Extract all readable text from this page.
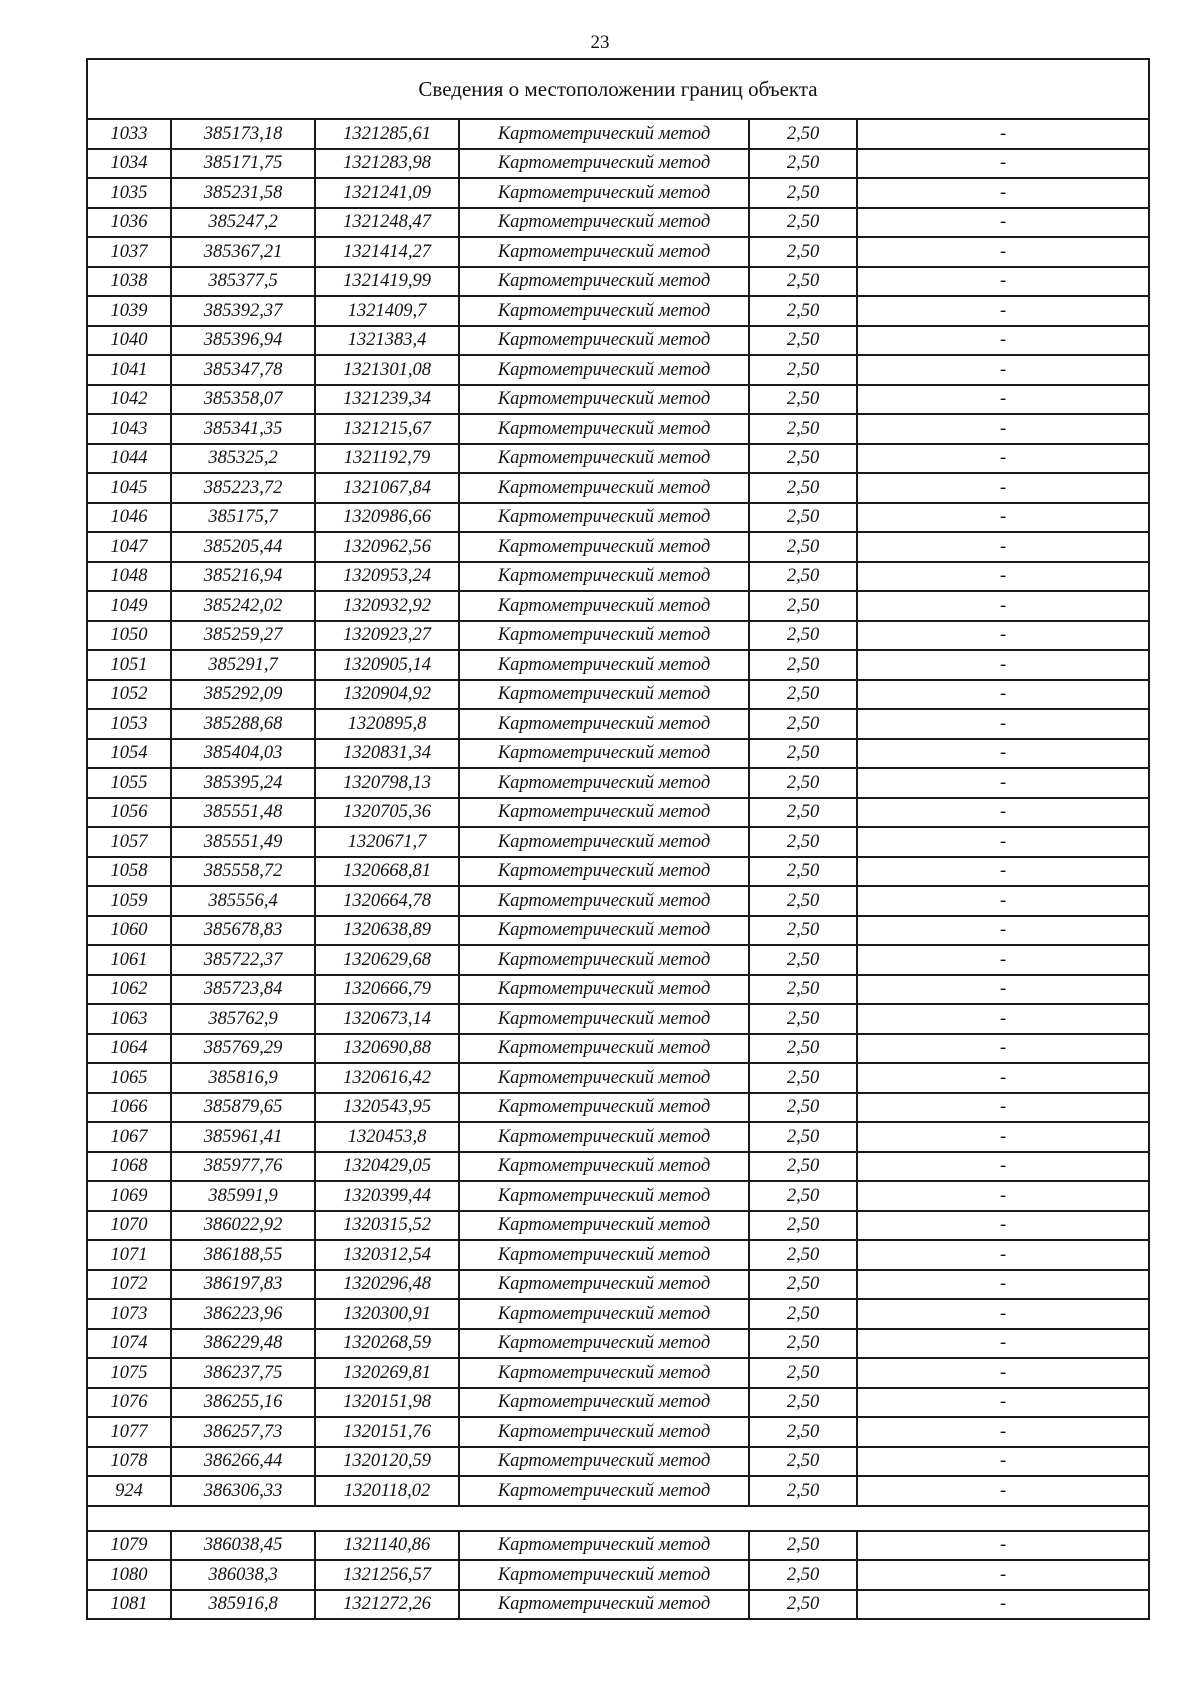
23
Сведения о местоположении границ объекта					
1033	385173,18	1321285,61	Картометрический метод	2,50	-
1034	385171,75	1321283,98	Картометрический метод	2,50	-
1035	385231,58	1321241,09	Картометрический метод	2,50	-
1036	385247,2	1321248,47	Картометрический метод	2,50	-
1037	385367,21	1321414,27	Картометрический метод	2,50	-
1038	385377,5	1321419,99	Картометрический метод	2,50	-
1039	385392,37	1321409,7	Картометрический метод	2,50	-
1040	385396,94	1321383,4	Картометрический метод	2,50	-
1041	385347,78	1321301,08	Картометрический метод	2,50	-
1042	385358,07	1321239,34	Картометрический метод	2,50	-
1043	385341,35	1321215,67	Картометрический метод	2,50	-
1044	385325,2	1321192,79	Картометрический метод	2,50	-
1045	385223,72	1321067,84	Картометрический метод	2,50	-
1046	385175,7	1320986,66	Картометрический метод	2,50	-
1047	385205,44	1320962,56	Картометрический метод	2,50	-
1048	385216,94	1320953,24	Картометрический метод	2,50	-
1049	385242,02	1320932,92	Картометрический метод	2,50	-
1050	385259,27	1320923,27	Картометрический метод	2,50	-
1051	385291,7	1320905,14	Картометрический метод	2,50	-
1052	385292,09	1320904,92	Картометрический метод	2,50	-
1053	385288,68	1320895,8	Картометрический метод	2,50	-
1054	385404,03	1320831,34	Картометрический метод	2,50	-
1055	385395,24	1320798,13	Картометрический метод	2,50	-
1056	385551,48	1320705,36	Картометрический метод	2,50	-
1057	385551,49	1320671,7	Картометрический метод	2,50	-
1058	385558,72	1320668,81	Картометрический метод	2,50	-
1059	385556,4	1320664,78	Картометрический метод	2,50	-
1060	385678,83	1320638,89	Картометрический метод	2,50	-
1061	385722,37	1320629,68	Картометрический метод	2,50	-
1062	385723,84	1320666,79	Картометрический метод	2,50	-
1063	385762,9	1320673,14	Картометрический метод	2,50	-
1064	385769,29	1320690,88	Картометрический метод	2,50	-
1065	385816,9	1320616,42	Картометрический метод	2,50	-
1066	385879,65	1320543,95	Картометрический метод	2,50	-
1067	385961,41	1320453,8	Картометрический метод	2,50	-
1068	385977,76	1320429,05	Картометрический метод	2,50	-
1069	385991,9	1320399,44	Картометрический метод	2,50	-
1070	386022,92	1320315,52	Картометрический метод	2,50	-
1071	386188,55	1320312,54	Картометрический метод	2,50	-
1072	386197,83	1320296,48	Картометрический метод	2,50	-
1073	386223,96	1320300,91	Картометрический метод	2,50	-
1074	386229,48	1320268,59	Картометрический метод	2,50	-
1075	386237,75	1320269,81	Картометрический метод	2,50	-
1076	386255,16	1320151,98	Картометрический метод	2,50	-
1077	386257,73	1320151,76	Картометрический метод	2,50	-
1078	386266,44	1320120,59	Картометрический метод	2,50	-
924	386306,33	1320118,02	Картометрический метод	2,50	-

1079	386038,45	1321140,86	Картометрический метод	2,50	-
1080	386038,3	1321256,57	Картометрический метод	2,50	-
1081	385916,8	1321272,26	Картометрический метод	2,50	-
